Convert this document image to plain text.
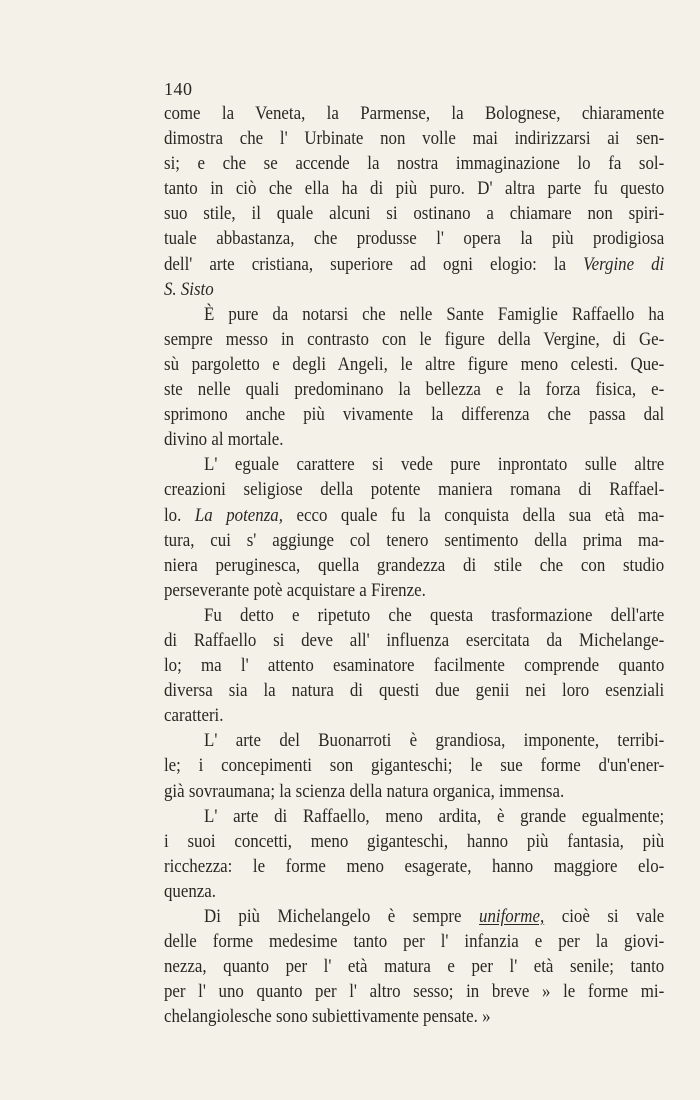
140
come la Veneta, la Parmense, la Bolognese, chiaramente
dimostra che l' Urbinate non volle mai indirizzarsi ai sen-
si; e che se accende la nostra immaginazione lo fa sol-
tanto in ciò che ella ha di più puro. D' altra parte fu questo
suo stile, il quale alcuni si ostinano a chiamare non spiri-
tuale abbastanza, che produsse l' opera la più prodigiosa
dell' arte cristiana, superiore ad ogni elogio: la Vergine di
S. Sisto
È pure da notarsi che nelle Sante Famiglie Raffaello ha
sempre messo in contrasto con le figure della Vergine, di Ge-
sù pargoletto e degli Angeli, le altre figure meno celesti. Que-
ste nelle quali predominano la bellezza e la forza fisica, e-
sprimono anche più vivamente la differenza che passa dal
divino al mortale.
L' eguale carattere si vede pure inprontato sulle altre
creazioni seligiose della potente maniera romana di Raffael-
lo. La potenza, ecco quale fu la conquista della sua età ma-
tura, cui s' aggiunge col tenero sentimento della prima ma-
niera peruginesca, quella grandezza di stile che con studio
perseverante potè acquistare a Firenze.
Fu detto e ripetuto che questa trasformazione dell'arte
di Raffaello si deve all' influenza esercitata da Michelange-
lo; ma l' attento esaminatore facilmente comprende quanto
diversa sia la natura di questi due genii nei loro esenziali
caratteri.
L' arte del Buonarroti è grandiosa, imponente, terribi-
le; i concepimenti son giganteschi; le sue forme d'un'ener-
già sovraumana; la scienza della natura organica, immensa.
L' arte di Raffaello, meno ardita, è grande egualmente;
i suoi concetti, meno giganteschi, hanno più fantasia, più
ricchezza: le forme meno esagerate, hanno maggiore elo-
quenza.
Di più Michelangelo è sempre uniforme, cioè si vale
delle forme medesime tanto per l' infanzia e per la giovi-
nezza, quanto per l' età matura e per l' età senile; tanto
per l' uno quanto per l' altro sesso; in breve » le forme mi-
chelangiolesche sono subiettivamente pensate. »
